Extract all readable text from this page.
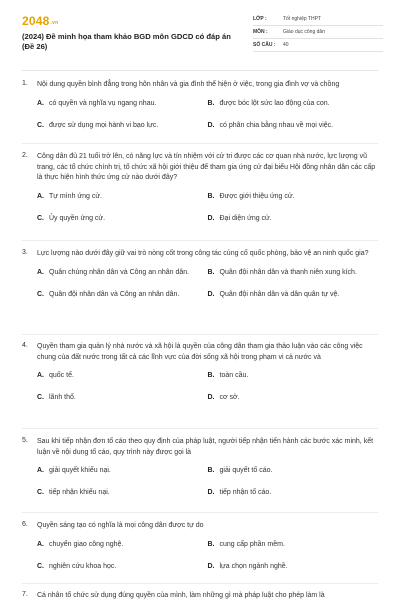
2048.vn
(2024) Đề minh họa tham khảo BGD môn GDCD có đáp án (Đề 26)
LỚP :	Tốt nghiệp THPT
MÔN :	Giáo dục công dân
SỐ CÂU :	40
1.	Nội dung quyền bình đẳng trong hôn nhân và gia đình thể hiện ở việc, trong gia đình vợ và chồng
A. có quyền và nghĩa vụ ngang nhau.	B. được bóc lột sức lao động của con.
C. được sử dụng mọi hành vi bạo lực.	D. có phân chia bằng nhau về mọi việc.
2.	Công dân đủ 21 tuổi trở lên, có năng lực và tín nhiệm với cử tri được các cơ quan nhà nước, lực lượng vũ trang, các tổ chức chính trị, tổ chức xã hội giới thiệu để tham gia ứng cử đại biểu Hội đồng nhân dân các cấp là thực hiện hình thức ứng cử nào dưới đây?
A. Tự mình ứng cử.	B. Được giới thiệu ứng cử.
C. Ủy quyền ứng cử.	D. Đại diện ứng cử.
3.	Lực lượng nào dưới đây giữ vai trò nòng cốt trong công tác củng cố quốc phòng, bảo vệ an ninh quốc gia?
A. Quân chúng nhân dân và Công an nhân dân.	B. Quân đội nhân dân và thanh niên xung kích.
C. Quân đội nhân dân và Công an nhân dân.	D. Quân đội nhân dân và dân quân tự vệ.
4.	Quyền tham gia quản lý nhà nước và xã hội là quyền của công dân tham gia thảo luận vào các công việc chung của đất nước trong tất cả các lĩnh vực của đời sống xã hội trong phạm vi cả nước và
A. quốc tế.	B. toàn cầu.
C. lãnh thổ.	D. cơ sở.
5.	Sau khi tiếp nhận đơn tố cáo theo quy định của pháp luật, người tiếp nhận tiến hành các bước xác minh, kết luận về nội dung tố cáo, quy trình này được gọi là
A. giải quyết khiếu nại.	B. giải quyết tố cáo.
C. tiếp nhận khiếu nại.	D. tiếp nhận tố cáo.
6.	Quyền sáng tạo có nghĩa là mọi công dân được tự do
A. chuyển giao công nghệ.	B. cung cấp phần mềm.
C. nghiên cứu khoa học.	D. lựa chọn ngành nghề.
7.	Cá nhân tổ chức sử dụng đúng quyền của mình, làm những gì mà pháp luật cho phép làm là
